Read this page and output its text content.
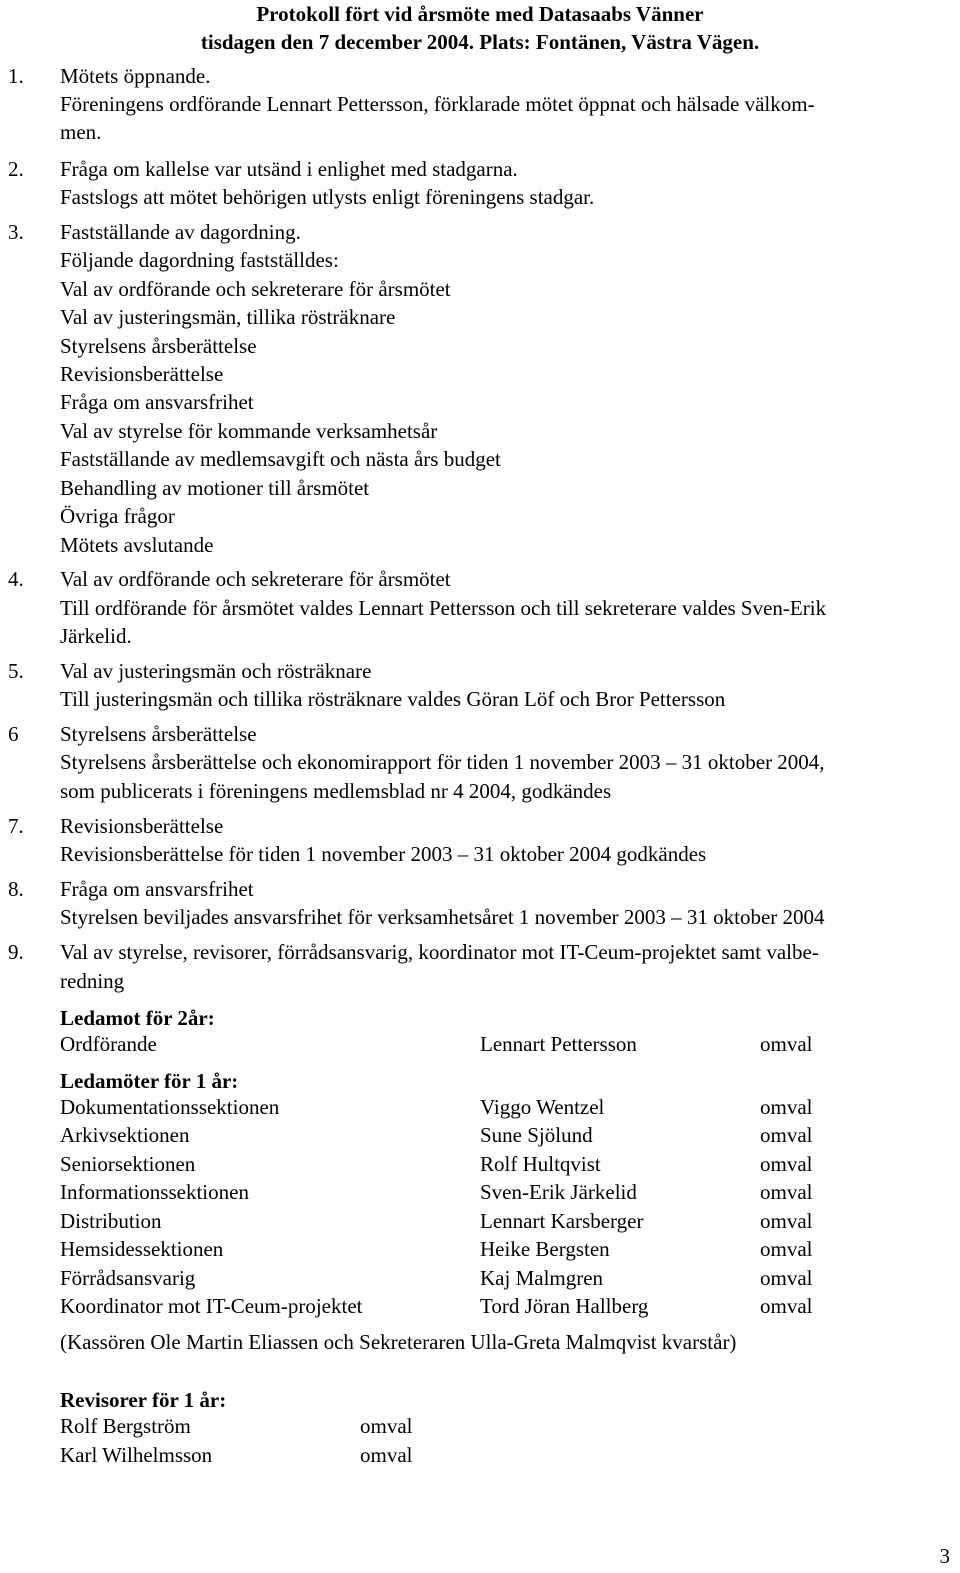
Protokoll fört vid årsmöte med Datasaabs Vänner
tisdagen den 7 december 2004. Plats: Fontänen, Västra Vägen.
1. Mötets öppnande.
Föreningens ordförande Lennart Pettersson, förklarade mötet öppnat och hälsade välkom-
men.
2. Fråga om kallelse var utsänd i enlighet med stadgarna.
Fastslogs att mötet behörigen utlysts enligt föreningens stadgar.
3. Fastställande av dagordning.
Följande dagordning fastställdes:
Val av ordförande och sekreterare för årsmötet
Val av justeringsmän, tillika rösträknare
Styrelsens årsberättelse
Revisionsberättelse
Fråga om ansvarsfrihet
Val av styrelse för kommande verksamhetsår
Fastställande av medlemsavgift och nästa års budget
Behandling av motioner till årsmötet
Övriga frågor
Mötets avslutande
4. Val av ordförande och sekreterare för årsmötet
Till ordförande för årsmötet valdes Lennart Pettersson och till sekreterare valdes Sven-Erik
Järkelid.
5. Val av justeringsmän och rösträknare
Till justeringsmän och tillika rösträknare valdes Göran Löf och Bror Pettersson
6 Styrelsens årsberättelse
Styrelsens årsberättelse och ekonomirapport för tiden 1 november 2003 – 31 oktober 2004,
som publicerats i föreningens medlemsblad nr 4 2004, godkändes
7. Revisionsberättelse
Revisionsberättelse för tiden 1 november 2003 – 31 oktober 2004 godkändes
8. Fråga om ansvarsfrihet
Styrelsen beviljades ansvarsfrihet för verksamhetsåret 1 november 2003 – 31 oktober 2004
9. Val av styrelse, revisorer, förrådsansvarig, koordinator mot IT-Ceum-projektet samt valbe-
redning
Ledamot för 2år:
Ordförande	Lennart Pettersson	omval
Ledamöter för 1 år:
Dokumentationssektionen	Viggo Wentzel	omval
Arkivsektionen	Sune Sjölund	omval
Seniorsektionen	Rolf Hultqvist	omval
Informationssektionen	Sven-Erik Järkelid	omval
Distribution	Lennart Karsberger	omval
Hemsidessektionen	Heike Bergsten	omval
Förrådsansvarig	Kaj Malmgren	omval
Koordinator mot IT-Ceum-projektet	Tord Jöran Hallberg	omval
(Kassören Ole Martin Eliassen och Sekreteraren Ulla-Greta Malmqvist kvarstår)
Revisorer för 1 år:
Rolf Bergström	omval
Karl Wilhelmsson	omval
3
